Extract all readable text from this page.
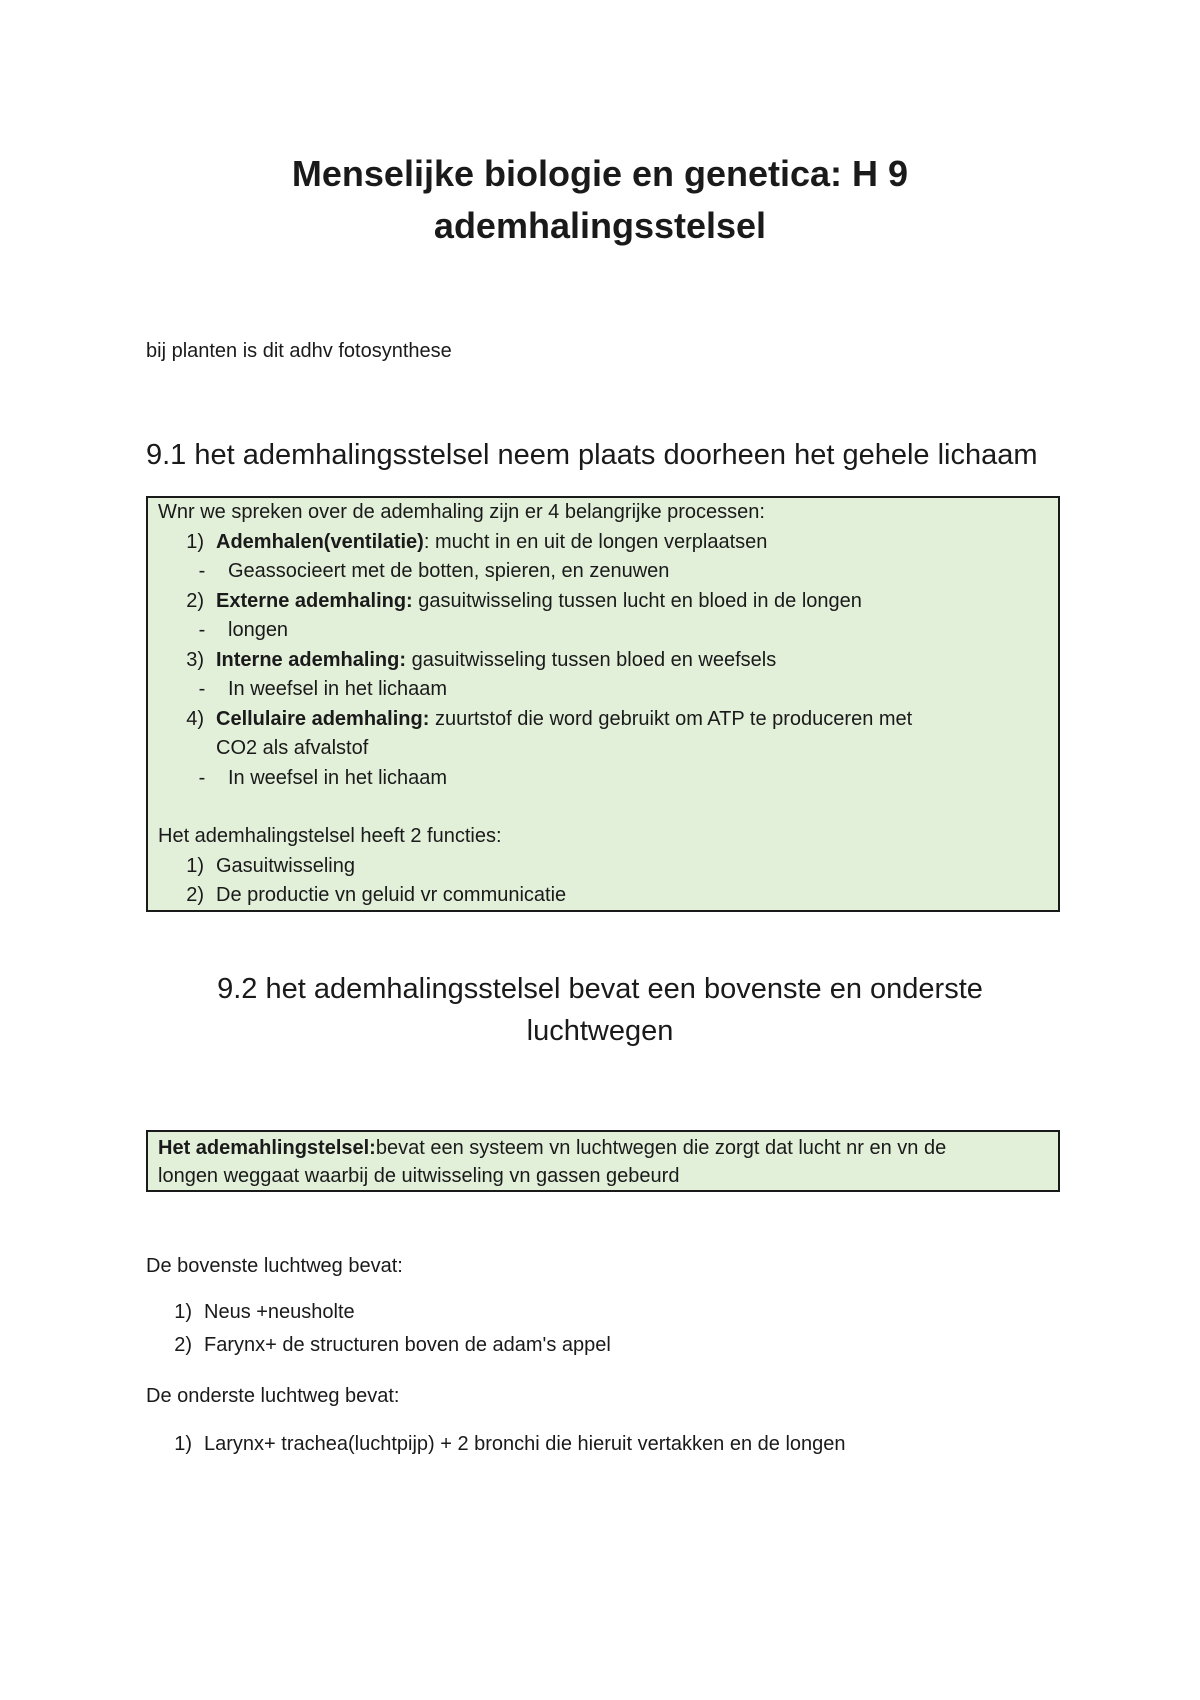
Menselijke biologie en genetica: H 9
ademhalingsstelsel
bij planten is dit adhv fotosynthese
9.1 het ademhalingsstelsel neem plaats doorheen het gehele lichaam
Wnr we spreken over de ademhaling zijn er 4 belangrijke processen:
1) Ademhalen(ventilatie): mucht in en uit de longen verplaatsen
-	Geassocieert met de botten, spieren, en zenuwen
2) Externe ademhaling: gasuitwisseling tussen lucht en bloed in de longen
-	longen
3) Interne ademhaling: gasuitwisseling tussen bloed en weefsels
-	In weefsel in het lichaam
4) Cellulaire ademhaling: zuurtstof die word gebruikt om ATP te produceren met
CO2 als afvalstof
-	In weefsel in het lichaam
Het ademhalingstelsel heeft 2 functies:
1) Gasuitwisseling
2) De productie vn geluid vr communicatie
9.2 het ademhalingsstelsel bevat een bovenste en onderste
luchtwegen
Het ademahlingstelsel:bevat een systeem vn luchtwegen die zorgt dat lucht nr en vn de
longen weggaat waarbij de uitwisseling vn gassen gebeurd
De bovenste luchtweg bevat:
1) Neus +neusholte
2) Farynx+ de structuren boven de adam's appel
De onderste luchtweg bevat:
1) Larynx+ trachea(luchtpijp) + 2 bronchi die hieruit vertakken en de longen
